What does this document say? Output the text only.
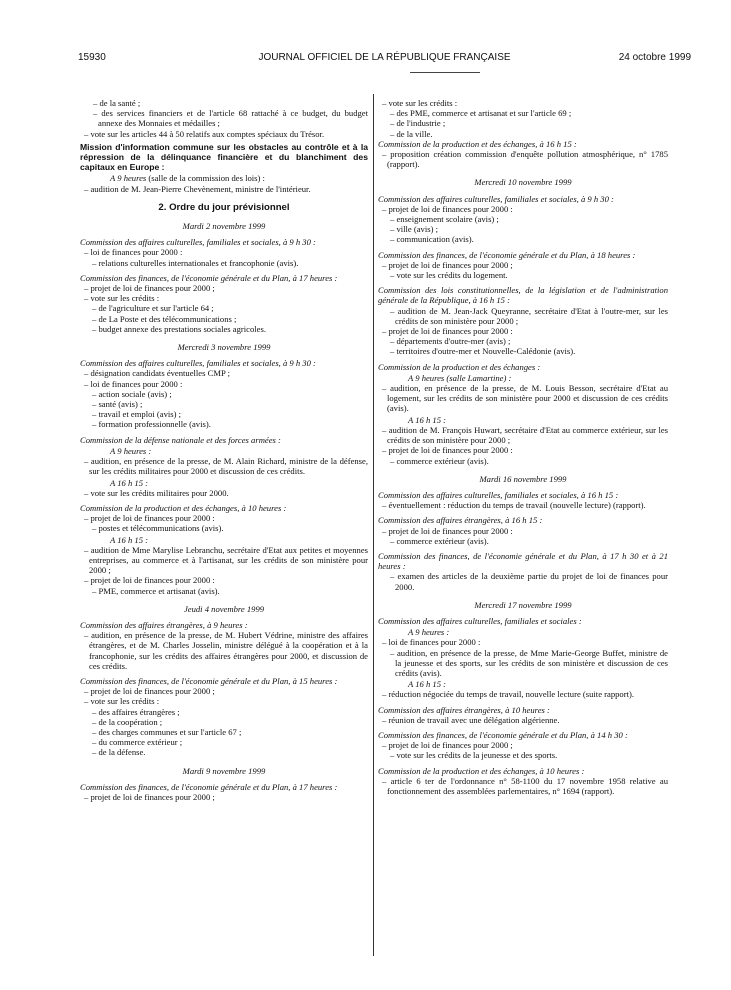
15930	JOURNAL OFFICIEL DE LA RÉPUBLIQUE FRANÇAISE	24 octobre 1999
– de la santé ;
– des services financiers et de l'article 68 rattaché à ce budget, du budget annexe des Monnaies et médailles ;
– vote sur les articles 44 à 50 relatifs aux comptes spéciaux du Trésor.
Mission d'information commune sur les obstacles au contrôle et à la répression de la délinquance financière et du blanchiment des capitaux en Europe :
A 9 heures (salle de la commission des lois) :
– audition de M. Jean-Pierre Chevènement, ministre de l'intérieur.
2. Ordre du jour prévisionnel
Mardi 2 novembre 1999
Commission des affaires culturelles, familiales et sociales, à 9 h 30 :
– loi de finances pour 2000 :
– relations culturelles internationales et francophonie (avis).
Commission des finances, de l'économie générale et du Plan, à 17 heures :
– projet de loi de finances pour 2000 ;
– vote sur les crédits :
– de l'agriculture et sur l'article 64 ;
– de La Poste et des télécommunications ;
– budget annexe des prestations sociales agricoles.
Mercredi 3 novembre 1999
Commission des affaires culturelles, familiales et sociales, à 9 h 30 :
– désignation candidats éventuelles CMP ;
– loi de finances pour 2000 :
– action sociale (avis) ;
– santé (avis) ;
– travail et emploi (avis) ;
– formation professionnelle (avis).
Commission de la défense nationale et des forces armées :
A 9 heures :
– audition, en présence de la presse, de M. Alain Richard, ministre de la défense, sur les crédits militaires pour 2000 et discussion de ces crédits.
A 16 h 15 :
– vote sur les crédits militaires pour 2000.
Commission de la production et des échanges, à 10 heures :
– projet de loi de finances pour 2000 :
– postes et télécommunications (avis).
A 16 h 15 :
– audition de Mme Marylise Lebranchu, secrétaire d'Etat aux petites et moyennes entreprises, au commerce et à l'artisanat, sur les crédits de son ministère pour 2000 ;
– projet de loi de finances pour 2000 :
– PME, commerce et artisanat (avis).
Jeudi 4 novembre 1999
Commission des affaires étrangères, à 9 heures :
– audition, en présence de la presse, de M. Hubert Védrine, ministre des affaires étrangères, et de M. Charles Josselin, ministre délégué à la coopération et à la francophonie, sur les crédits des affaires étrangères pour 2000, et discussion de ces crédits.
Commission des finances, de l'économie générale et du Plan, à 15 heures :
– projet de loi de finances pour 2000 ;
– vote sur les crédits :
– des affaires étrangères ;
– de la coopération ;
– des charges communes et sur l'article 67 ;
– du commerce extérieur ;
– de la défense.
Mardi 9 novembre 1999
Commission des finances, de l'économie générale et du Plan, à 17 heures :
– projet de loi de finances pour 2000 ;
– vote sur les crédits :
– des PME, commerce et artisanat et sur l'article 69 ;
– de l'industrie ;
– de la ville.
Commission de la production et des échanges, à 16 h 15 :
– proposition création commission d'enquête pollution atmosphérique, n° 1785 (rapport).
Mercredi 10 novembre 1999
Commission des affaires culturelles, familiales et sociales, à 9 h 30 :
– projet de loi de finances pour 2000 :
– enseignement scolaire (avis) ;
– ville (avis) ;
– communication (avis).
Commission des finances, de l'économie générale et du Plan, à 18 heures :
– projet de loi de finances pour 2000 ;
– vote sur les crédits du logement.
Commission des lois constitutionnelles, de la législation et de l'administration générale de la République, à 16 h 15 :
– audition de M. Jean-Jack Queyranne, secrétaire d'Etat à l'outre-mer, sur les crédits de son ministère pour 2000 ;
– projet de loi de finances pour 2000 :
– départements d'outre-mer (avis) ;
– territoires d'outre-mer et Nouvelle-Calédonie (avis).
Commission de la production et des échanges :
A 9 heures (salle Lamartine) :
– audition, en présence de la presse, de M. Louis Besson, secrétaire d'Etat au logement, sur les crédits de son ministère pour 2000 et discussion de ces crédits (avis).
A 16 h 15 :
– audition de M. François Huwart, secrétaire d'Etat au commerce extérieur, sur les crédits de son ministère pour 2000 ;
– projet de loi de finances pour 2000 :
– commerce extérieur (avis).
Mardi 16 novembre 1999
Commission des affaires culturelles, familiales et sociales, à 16 h 15 :
– éventuellement : réduction du temps de travail (nouvelle lecture) (rapport).
Commission des affaires étrangères, à 16 h 15 :
– projet de loi de finances pour 2000 :
– commerce extérieur (avis).
Commission des finances, de l'économie générale et du Plan, à 17 h 30 et à 21 heures :
– examen des articles de la deuxième partie du projet de loi de finances pour 2000.
Mercredi 17 novembre 1999
Commission des affaires culturelles, familiales et sociales :
A 9 heures :
– loi de finances pour 2000 :
– audition, en présence de la presse, de Mme Marie-George Buffet, ministre de la jeunesse et des sports, sur les crédits de son ministère et discussion de ces crédits (avis).
A 16 h 15 :
– réduction négociée du temps de travail, nouvelle lecture (suite rapport).
Commission des affaires étrangères, à 10 heures :
– réunion de travail avec une délégation algérienne.
Commission des finances, de l'économie générale et du Plan, à 14 h 30 :
– projet de loi de finances pour 2000 ;
– vote sur les crédits de la jeunesse et des sports.
Commission de la production et des échanges, à 10 heures :
– article 6 ter de l'ordonnance n° 58-1100 du 17 novembre 1958 relative au fonctionnement des assemblées parlementaires, n° 1694 (rapport).
